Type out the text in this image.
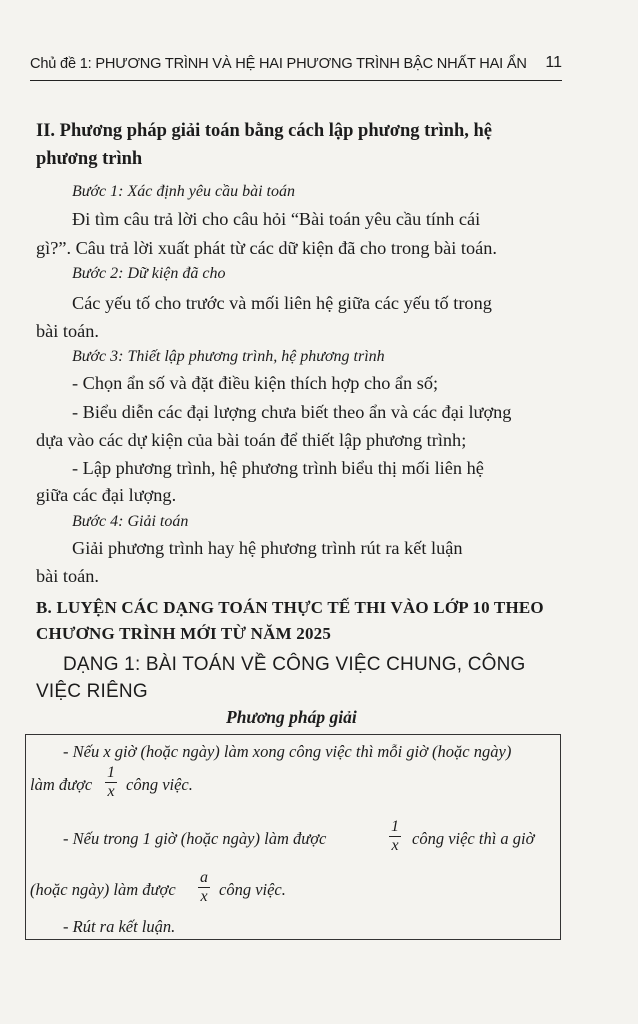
Chủ đề 1: PHƯƠNG TRÌNH VÀ HỆ HAI PHƯƠNG TRÌNH BẬC NHẤT HAI ẨN 11
II. Phương pháp giải toán bằng cách lập phương trình, hệ
phương trình
Bước 1: Xác định yêu cầu bài toán
Đi tìm câu trả lời cho câu hỏi “Bài toán yêu cầu tính cái
gì?”. Câu trả lời xuất phát từ các dữ kiện đã cho trong bài toán.
Bước 2: Dữ kiện đã cho
Các yếu tố cho trước và mối liên hệ giữa các yếu tố trong
bài toán.
Bước 3: Thiết lập phương trình, hệ phương trình
- Chọn ẩn số và đặt điều kiện thích hợp cho ẩn số;
- Biểu diễn các đại lượng chưa biết theo ẩn và các đại lượng
dựa vào các dự kiện của bài toán để thiết lập phương trình;
- Lập phương trình, hệ phương trình biểu thị mối liên hệ
giữa các đại lượng.
Bước 4: Giải toán
Giải phương trình hay hệ phương trình rút ra kết luận
bài toán.
B. LUYỆN CÁC DẠNG TOÁN THỰC TẾ THI VÀO LỚP 10 THEO
CHƯƠNG TRÌNH MỚI TỪ NĂM 2025
DẠNG 1: BÀI TOÁN VỀ CÔNG VIỆC CHUNG, CÔNG
VIỆC RIÊNG
Phương pháp giải
- Nếu x giờ (hoặc ngày) làm xong công việc thì mỗi giờ (hoặc ngày)
làm được
1
x công việc.
- Nếu trong 1 giờ (hoặc ngày) làm được
1
x công việc thì a giờ
(hoặc ngày) làm được
a
x công việc.
- Rút ra kết luận.
